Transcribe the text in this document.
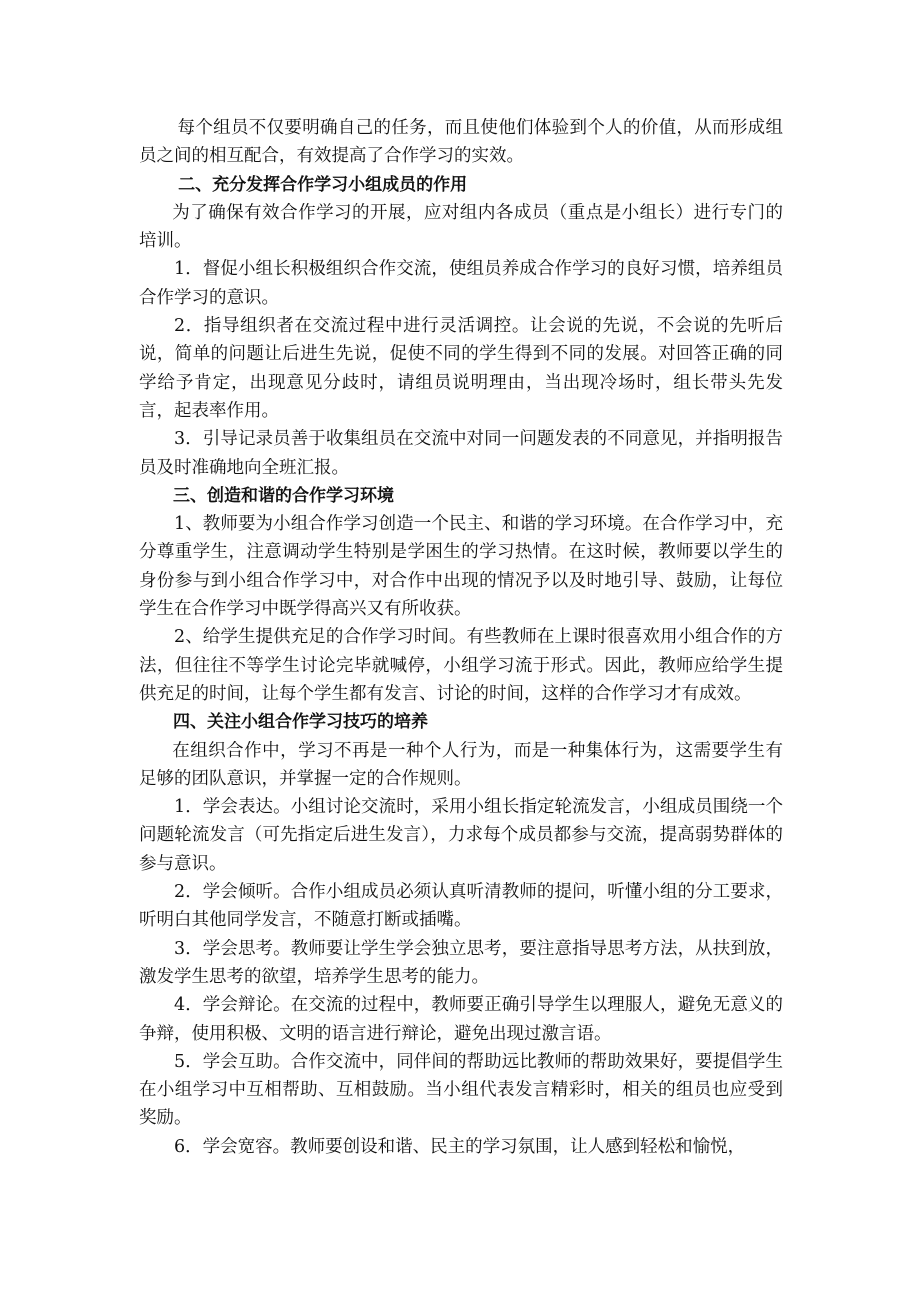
每个组员不仅要明确自己的任务，而且使他们体验到个人的价值，从而形成组员之间的相互配合，有效提高了合作学习的实效。

二、充分发挥合作学习小组成员的作用

为了确保有效合作学习的开展，应对组内各成员（重点是小组长）进行专门的培训。

1．督促小组长积极组织合作交流，使组员养成合作学习的良好习惯，培养组员合作学习的意识。

2．指导组织者在交流过程中进行灵活调控。让会说的先说，不会说的先听后说，简单的问题让后进生先说，促使不同的学生得到不同的发展。对回答正确的同学给予肯定，出现意见分歧时，请组员说明理由，当出现冷场时，组长带头先发言，起表率作用。

3．引导记录员善于收集组员在交流中对同一问题发表的不同意见，并指明报告员及时准确地向全班汇报。

三、创造和谐的合作学习环境

1、教师要为小组合作学习创造一个民主、和谐的学习环境。在合作学习中，充分尊重学生，注意调动学生特别是学困生的学习热情。在这时候，教师要以学生的身份参与到小组合作学习中，对合作中出现的情况予以及时地引导、鼓励，让每位学生在合作学习中既学得高兴又有所收获。

2、给学生提供充足的合作学习时间。有些教师在上课时很喜欢用小组合作的方法，但往往不等学生讨论完毕就喊停，小组学习流于形式。因此，教师应给学生提供充足的时间，让每个学生都有发言、讨论的时间，这样的合作学习才有成效。

四、关注小组合作学习技巧的培养

在组织合作中，学习不再是一种个人行为，而是一种集体行为，这需要学生有足够的团队意识，并掌握一定的合作规则。

1．学会表达。小组讨论交流时，采用小组长指定轮流发言，小组成员围绕一个问题轮流发言（可先指定后进生发言），力求每个成员都参与交流，提高弱势群体的参与意识。

2．学会倾听。合作小组成员必须认真听清教师的提问，听懂小组的分工要求，听明白其他同学发言，不随意打断或插嘴。

3．学会思考。教师要让学生学会独立思考，要注意指导思考方法，从扶到放，激发学生思考的欲望，培养学生思考的能力。

4．学会辩论。在交流的过程中，教师要正确引导学生以理服人，避免无意义的争辩，使用积极、文明的语言进行辩论，避免出现过激言语。

5．学会互助。合作交流中，同伴间的帮助远比教师的帮助效果好，要提倡学生在小组学习中互相帮助、互相鼓励。当小组代表发言精彩时，相关的组员也应受到奖励。

6．学会宽容。教师要创设和谐、民主的学习氛围，让人感到轻松和愉悦，
